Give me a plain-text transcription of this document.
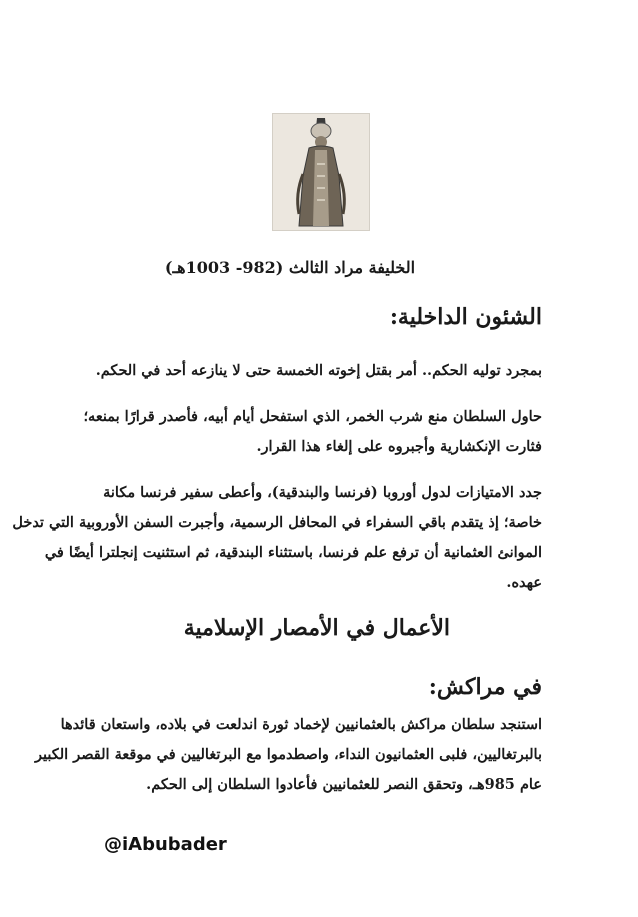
الخليفة مراد الثالث (982- 1003هـ)
الشئون الداخلية:
بمجرد توليه الحكم.. أمر بقتل إخوته الخمسة حتى لا ينازعه أحد في الحكم.
حاول السلطان منع شرب الخمر، الذي استفحل أيام أبيه، فأصدر قرارًا بمنعه؛
فثارت الإنكشارية وأجبروه على إلغاء هذا القرار.
جدد الامتيازات لدول أوروبا (فرنسا والبندقية)، وأعطى سفير فرنسا مكانة
خاصة؛ إذ يتقدم باقي السفراء في المحافل الرسمية، وأجبرت السفن الأوروبية التي تدخل
الموانئ العثمانية أن ترفع علم فرنسا، باستثناء البندقية، ثم استثنيت إنجلترا أيضًا في
عهده.
الأعمال في الأمصار الإسلامية
في مراكش:
استنجد سلطان مراكش بالعثمانيين لإخماد ثورة اندلعت في بلاده، واستعان قائدها
بالبرتغاليين، فلبى العثمانيون النداء، واصطدموا مع البرتغاليين في موقعة القصر الكبير
عام 985هـ، وتحقق النصر للعثمانيين فأعادوا السلطان إلى الحكم.
@iAbubader
